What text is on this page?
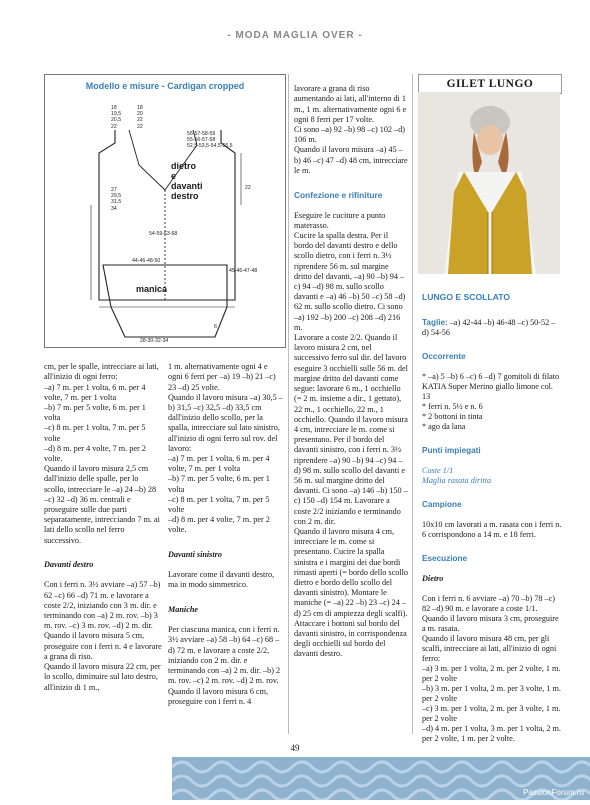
- MODA MAGLIA OVER -
Modello e misure - Cardigan cropped
18
19,5
20,5
22
18
20
22
22
56-57-58-59
55-56-57-58
52,5-53,5-54,5-55,5
dietro
e
davanti
destro
27
29,5
31,5
34
22
54-59-63-68
44-46-48-50
manica
45-46-47-48
6
28-30-32-34

cm, per le spalle, intrecciare ai lati, all'inizio di ogni ferro:
–a) 7 m. per 1 volta, 6 m. per 4 volte, 7 m. per 1 volta
–b) 7 m. per 5 volte, 6 m. per 1 volta
–c) 8 m. per 1 volta, 7 m. per 5 volte
–d) 8 m. per 4 volte, 7 m. per 2 volte.
Quando il lavoro misura 2,5 cm dall'inizio delle spalle, per lo scollo, intrecciare le –a) 24 –b) 28 –c) 32 –d) 36 m. centrali e proseguire sulle due parti separatamente, intrecciando 7 m. ai lati dello scollo nel ferro successivo.

Davanti destro

Con i ferri n. 3½ avviare –a) 57 –b) 62 –c) 66 –d) 71 m. e lavorare a coste 2/2, iniziando con 3 m. dir. e terminando con –a) 2 m. rov. –b) 3 m. rov. –c) 3 m. rov. –d) 2 m. dir.
Quando il lavoro misura 5 cm, proseguire con i ferri n. 4 e lavorare a grana di riso.
Quando il lavoro misura 22 cm, per lo scollo, diminuire sul lato destro, all'inizio di 1 m.,

1 m. alternativamente ogni 4 e ogni 6 ferri per –a) 19 –b) 21 –c) 23 –d) 25 volte.
Quando il lavoro misura –a) 30,5 –b) 31,5 –c) 32,5 –d) 33,5 cm dall'inizio dello scollo, per la spalla, intrecciare sul lato sinistro, all'inizio di ogni ferro sul rov. del lavoro:
–a) 7 m. per 1 volta, 6 m. per 4 volte, 7 m. per 1 volta
–b) 7 m. per 5 volte, 6 m. per 1 volta
–c) 8 m. per 1 volta, 7 m. per 5 volte
–d) 8 m. per 4 volte, 7 m. per 2 volte.

Davanti sinistro

Lavorare come il davanti destro, ma in modo simmetrico.

Maniche

Per ciascuna manica, con i ferri n. 3½ avviare –a) 58 –b) 64 –c) 68 –d) 72 m. e lavorare a coste 2/2, iniziando con 2 m. dir. e terminando con –a) 2 m. dir. –b) 2 m. rov. –c) 2 m. rov. –d) 2 m. rov.
Quando il lavoro misura 6 cm, proseguire con i ferri n. 4

lavorare a grana di riso aumentando ai lati, all'interno di 1 m., 1 m. alternativamente ogni 6 e ogni 8 ferri per 17 volte.
Ci sono –a) 92 –b) 98 –c) 102 –d) 106 m.
Quando il lavoro misura –a) 45 –b) 46 –c) 47 –d) 48 cm, intrecciare le m.

Confezione e rifiniture

Eseguire le cuciture a punto materasso.
Cucire la spalla destra. Per il bordo del davanti destro e dello scollo dietro, con i ferri n. 3½ riprendere 56 m. sul margine dritto del davanti, –a) 90 –b) 94 –c) 94 –d) 98 m. sullo scollo davanti e –a) 46 –b) 50 –c) 58 –d) 62 m. sullo scollo dietro. Ci sono –a) 192 –b) 200 –c) 208 –d) 216 m.
Lavorare a coste 2/2. Quando il lavoro misura 2 cm, nel successivo ferro sul dir. del lavoro eseguire 3 occhielli sulle 56 m. del margine dritto del davanti come segue: lavorare 6 m., 1 occhiello (= 2 m. insieme a dir., 1 gettato), 22 m., 1 occhiello, 22 m., 1 occhiello. Quando il lavoro misura 4 cm, intrecciare le m. come si presentano. Per il bordo del davanti sinistro, con i ferri n. 3½ riprendere –a) 90 –b) 94 –c) 94 –d) 98 m. sullo scollo del davanti e 56 m. sul margine dritto del davanti. Ci sono –a) 146 –b) 150 –c) 150 –d) 154 m. Lavorare a coste 2/2 iniziando e terminando con 2 m. dir.
Quando il lavoro misura 4 cm, intrecciare le m. come si presentano. Cucire la spalla sinistra e i margini dei due bordi rimasti aperti (= bordo dello scollo dietro e bordo dello scollo del davanti sinistro). Montare le maniche (= –a) 22 –b) 23 –c) 24 –d) 25 cm di ampiezza degli scalfi). Attaccare i bottoni sul bordo del davanti sinistro, in corrispondenza degli occhielli sul bordo del davanti destro.

GILET LUNGO

LUNGO E SCOLLATO

Taglie: –a) 42-44 –b) 46-48 –c) 50-52 –d) 54-56

Occorrente

* –a) 5 –b) 6 –c) 6 –d) 7 gomitoli di filato KATIA Super Merino giallo limone col. 13
* ferri n. 5½ e n. 6
* 2 bottoni in tinta
* ago da lana

Punti impiegati

Coste 1/1
Maglia rasata diritta

Campione

10x10 cm lavorati a m. rasata con i ferri n. 6 corrispondono a 14 m. e 18 ferri.

Esecuzione

Dietro

Con i ferri n. 6 avviare –a) 70 –b) 78 –c) 82 –d) 90 m. e lavorare a coste 1/1. Quando il lavoro misura 3 cm, proseguire a m. rasata.
Quando il lavoro misura 48 cm, per gli scalfi, intrecciare ai lati, all'inizio di ogni ferro:
–a) 3 m. per 1 volta, 2 m. per 2 volte, 1 m. per 2 volte
–b) 3 m. per 1 volta, 2 m. per 3 volte, 1 m. per 2 volte
–c) 3 m. per 1 volta, 2 m. per 3 volte, 1 m. per 2 volte
–d) 4 m. per 1 volta, 3 m. per 1 volta, 2 m. per 2 volte, 1 m. per 2 volte.

49
PassionForum.ru
